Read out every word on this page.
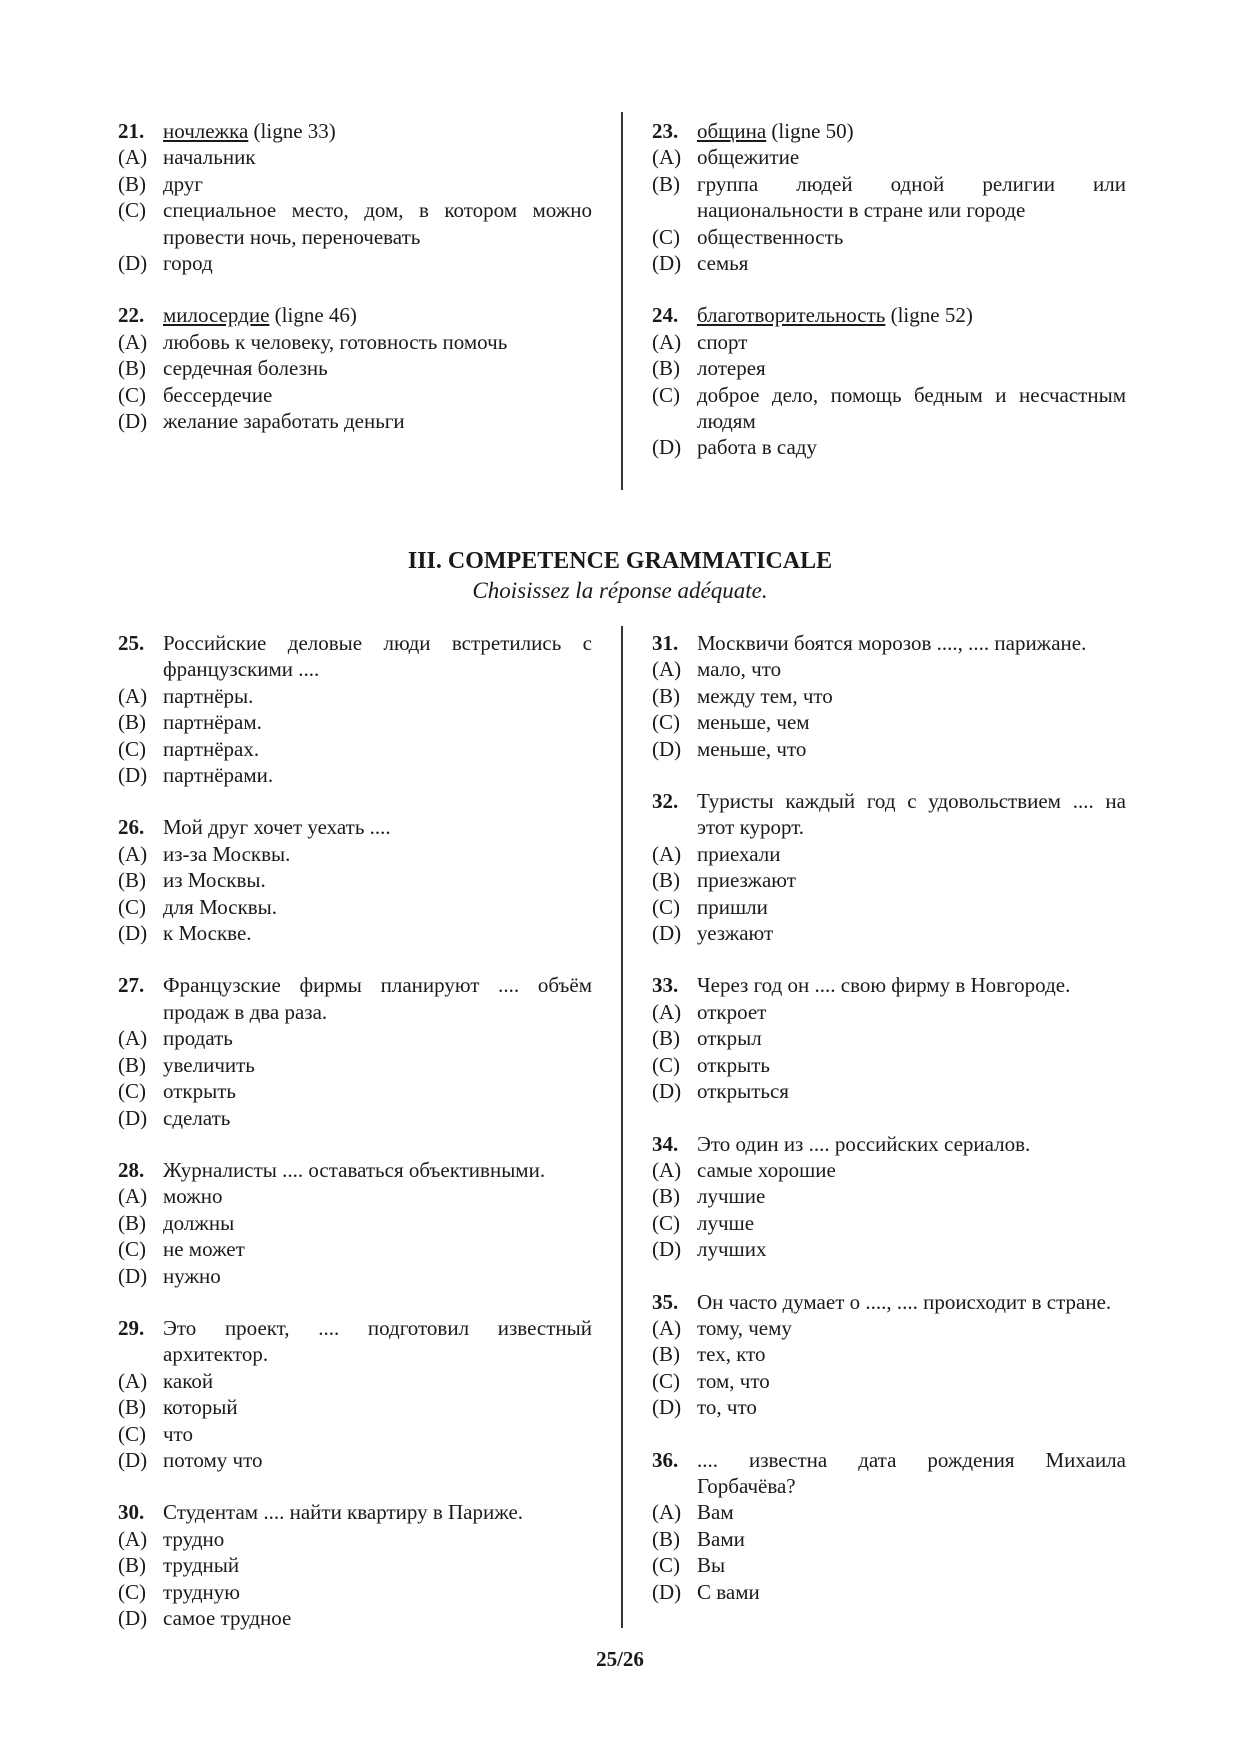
21. ночлежка (ligne 33)
(A) начальник
(B) друг
(C) специальное место, дом, в котором можно провести ночь, переночевать
(D) город
22. милосердие (ligne 46)
(A) любовь к человеку, готовность помочь
(B) сердечная болезнь
(C) бессердечие
(D) желание заработать деньги
23. община (ligne 50)
(A) общежитие
(B) группа людей одной религии или национальности в стране или городе
(C) общественность
(D) семья
24. благотворительность (ligne 52)
(A) спорт
(B) лотерея
(C) доброе дело, помощь бедным и несчастным людям
(D) работа в саду
III. COMPETENCE GRAMMATICALE
Choisissez la réponse adéquate.
25. Российские деловые люди встретились с французскими ....
(A) партнёры.
(B) партнёрам.
(C) партнёрах.
(D) партнёрами.
26. Мой друг хочет уехать ....
(A) из-за Москвы.
(B) из Москвы.
(C) для Москвы.
(D) к Москве.
27. Французские фирмы планируют .... объём продаж в два раза.
(A) продать
(B) увеличить
(C) открыть
(D) сделать
28. Журналисты .... оставаться объективными.
(A) можно
(B) должны
(C) не может
(D) нужно
29. Это проект, .... подготовил известный архитектор.
(A) какой
(B) который
(C) что
(D) потому что
30. Студентам .... найти квартиру в Париже.
(A) трудно
(B) трудный
(C) трудную
(D) самое трудное
31. Москвичи боятся морозов ...., .... парижане.
(A) мало, что
(B) между тем, что
(C) меньше, чем
(D) меньше, что
32. Туристы каждый год с удовольствием .... на этот курорт.
(A) приехали
(B) приезжают
(C) пришли
(D) уезжают
33. Через год он .... свою фирму в Новгороде.
(A) откроет
(B) открыл
(C) открыть
(D) открыться
34. Это один из .... российских сериалов.
(A) самые хорошие
(B) лучшие
(C) лучше
(D) лучших
35. Он часто думает о ...., .... происходит в стране.
(A) тому, чему
(B) тех, кто
(C) том, что
(D) то, что
36. .... известна дата рождения Михаила Горбачёва?
(A) Вам
(B) Вами
(C) Вы
(D) С вами
25/26
